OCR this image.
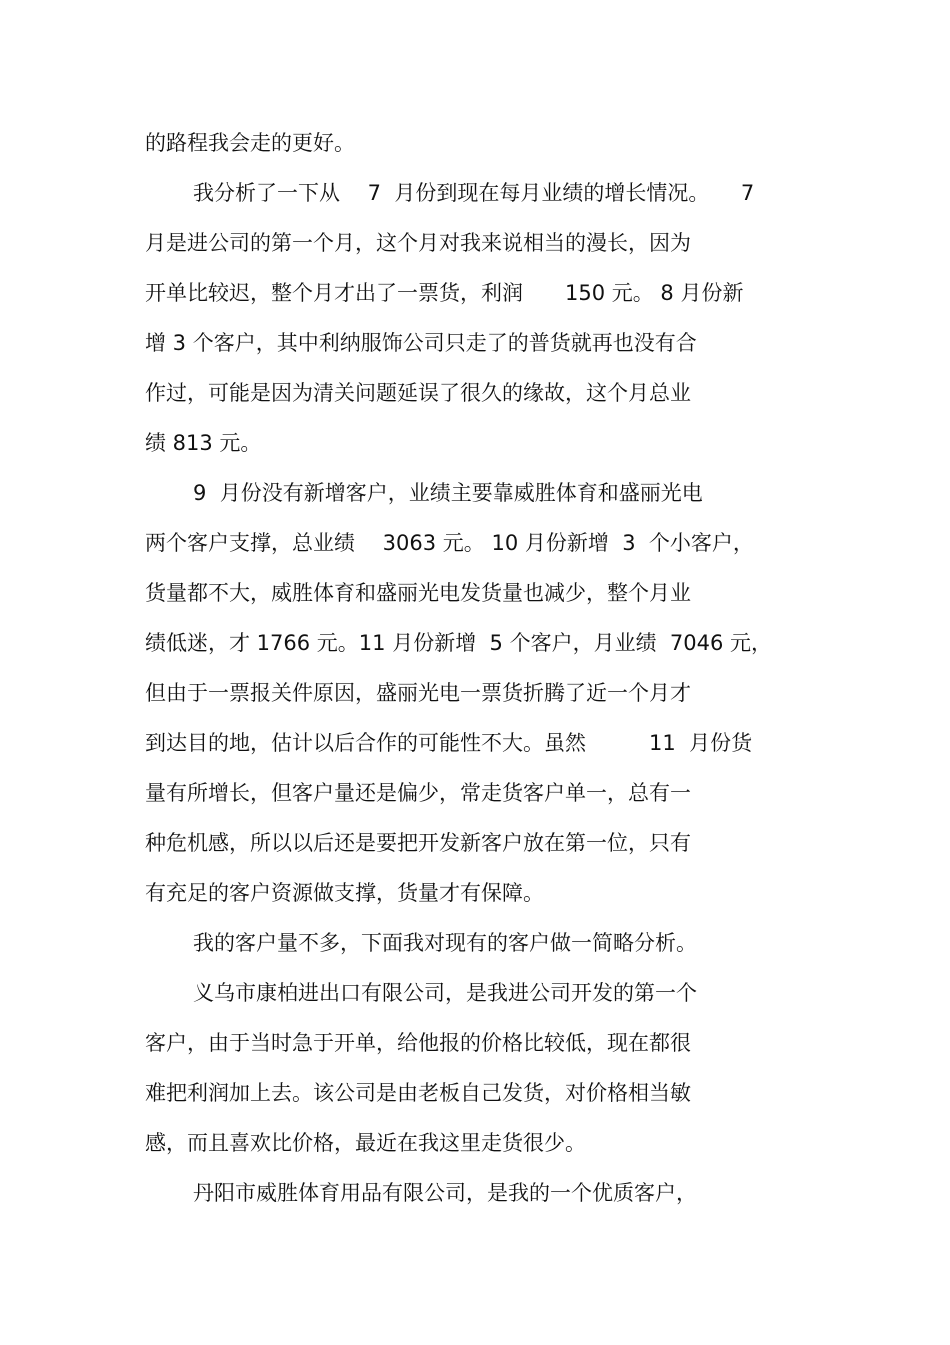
的路程我会走的更好。
我分析了一下从　 7  月份到现在每月业绩的增长情况。　　7
月是进公司的第一个月，这个月对我来说相当的漫长，因为
开单比较迟，整个月才出了一票货，利润　　150 元。 8 月份新
增 3 个客户，其中利纳服饰公司只走了的普货就再也没有合
作过，可能是因为清关问题延误了很久的缘故，这个月总业
绩 813 元。
9  月份没有新增客户，业绩主要靠威胜体育和盛丽光电
两个客户支撑，总业绩　 3063 元。 10 月份新增  3  个小客户，
货量都不大，威胜体育和盛丽光电发货量也减少，整个月业
绩低迷，才 1766 元。11 月份新增  5 个客户，月业绩  7046 元，
但由于一票报关件原因，盛丽光电一票货折腾了近一个月才
到达目的地，估计以后合作的可能性不大。虽然　　　11  月份货
量有所增长，但客户量还是偏少，常走货客户单一，总有一
种危机感，所以以后还是要把开发新客户放在第一位，只有
有充足的客户资源做支撑，货量才有保障。
我的客户量不多，下面我对现有的客户做一简略分析。
义乌市康柏进出口有限公司，是我进公司开发的第一个
客户，由于当时急于开单，给他报的价格比较低，现在都很
难把利润加上去。该公司是由老板自己发货，对价格相当敏
感，而且喜欢比价格，最近在我这里走货很少。
丹阳市威胜体育用品有限公司，是我的一个优质客户，
